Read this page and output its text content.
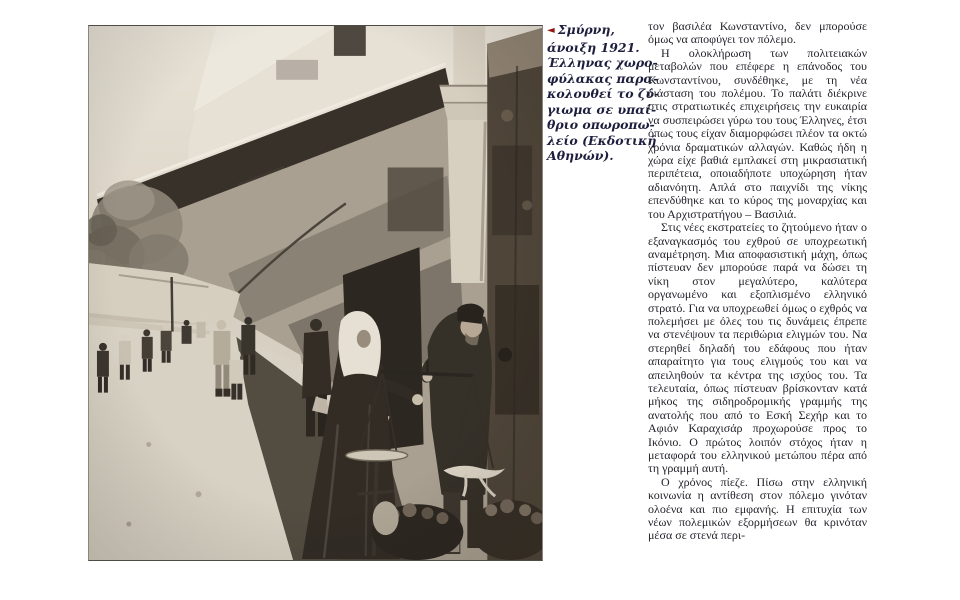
◄ Σμύρνη,
άνοιξη 1921.
Έλληνας χωρο-
φύλακας παρα-
κολουθεί το ζύ-
γιωμα σε υπαί-
θριο οπωροπω-
λείο (Εκδοτική
Αθηνών).

τον βασιλέα Κωνσταντίνο, δεν μπορούσε όμως να αποφύγει τον πόλεμο.

Η ολοκλήρωση των πολιτειακών μεταβολών που επέφερε η επάνοδος του Κωνσταντίνου, συνδέθηκε, με τη νέα διάσταση του πολέμου. Το παλάτι διέκρινε στις στρατιωτικές επιχειρήσεις την ευκαιρία να συσπειρώσει γύρω του τους Έλληνες, έτσι όπως τους είχαν διαμορφώσει πλέον τα οκτώ χρόνια δραματικών αλλαγών. Καθώς ήδη η χώρα είχε βαθιά εμπλακεί στη μικρασιατική περιπέτεια, οποιαδήποτε υποχώρηση ήταν αδιανόητη. Απλά στο παιχνίδι της νίκης επενδύθηκε και το κύρος της μοναρχίας και του Αρχιστρατήγου – Βασιλιά.

Στις νέες εκστρατείες το ζητούμενο ήταν ο εξαναγκασμός του εχθρού σε υποχρεωτική αναμέτρηση. Μια αποφασιστική μάχη, όπως πίστευαν δεν μπορούσε παρά να δώσει τη νίκη στον μεγαλύτερο, καλύτερα οργανωμένο και εξοπλισμένο ελληνικό στρατό. Για να υποχρεωθεί όμως ο εχθρός να πολεμήσει με όλες του τις δυνάμεις έπρεπε να στενέψουν τα περιθώρια ελιγμών του. Να στερηθεί δηλαδή του εδάφους που ήταν απαραίτητο για τους ελιγμούς του και να απειληθούν τα κέντρα της ισχύος του. Τα τελευταία, όπως πίστευαν βρίσκονταν κατά μήκος της σιδηροδρομικής γραμμής της ανατολής που από το Εσκή Σεχήρ και το Αφιόν Καραχισάρ προχωρούσε προς το Ικόνιο. Ο πρώτος λοιπόν στόχος ήταν η μεταφορά του ελληνικού μετώπου πέρα από τη γραμμή αυτή.

Ο χρόνος πίεζε. Πίσω στην ελληνική κοινωνία η αντίθεση στον πόλεμο γινόταν ολοένα και πιο εμφανής. Η επιτυχία των νέων πολεμικών εξορμήσεων θα κρινόταν μέσα σε στενά περι-
